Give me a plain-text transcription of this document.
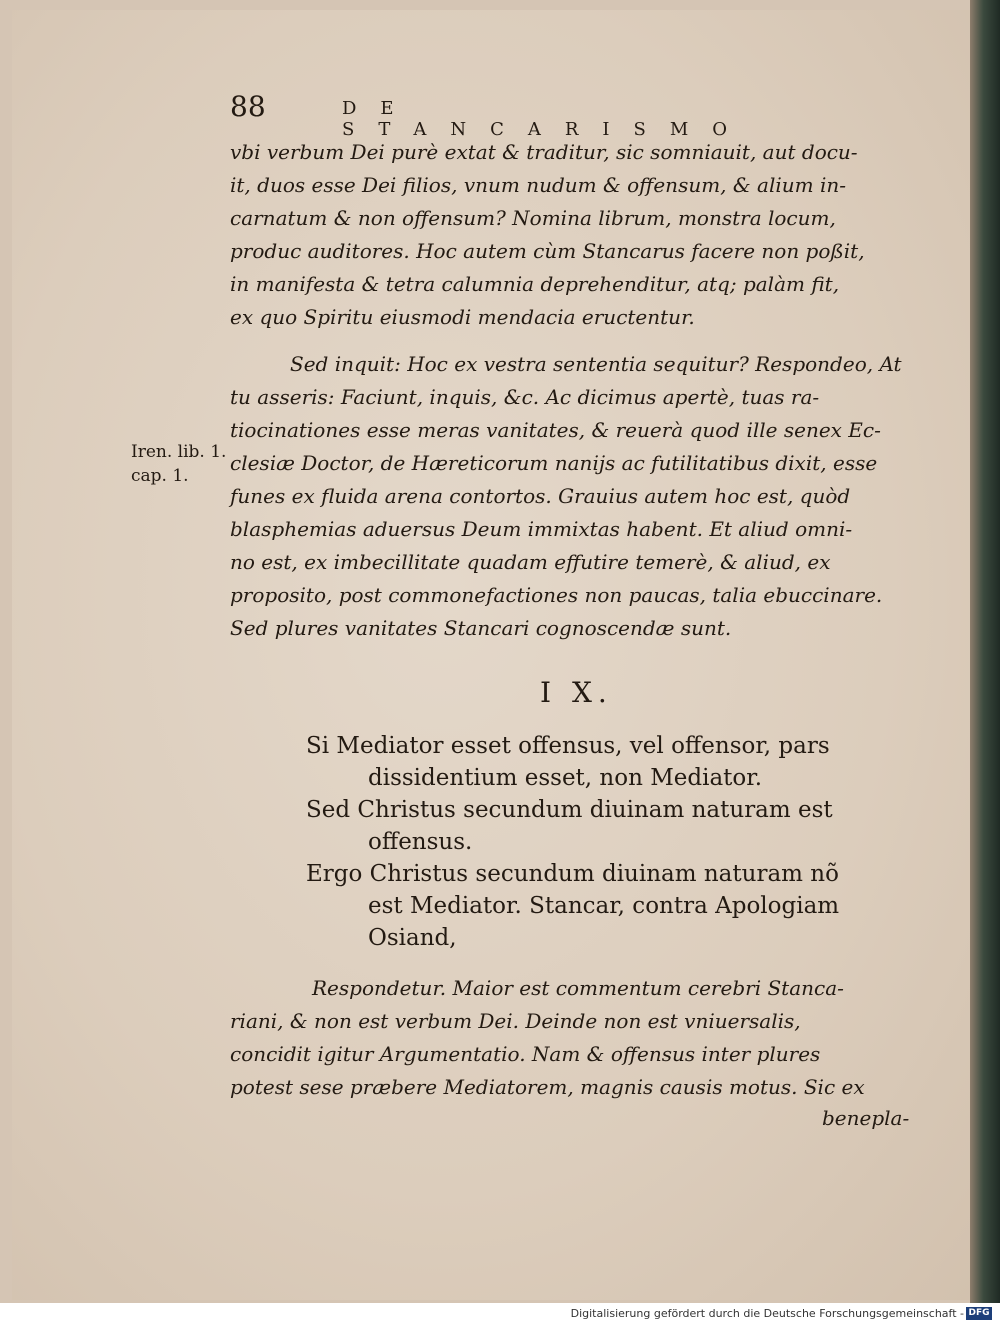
88	DE STANCARISMO
vbi verbum Dei purè extat & traditur, sic somniauit, aut docu-
it, duos esse Dei filios, vnum nudum & offensum, & alium in-
carnatum & non offensum? Nomina librum, monstra locum,
produc auditores. Hoc autem cùm Stancarus facere non poßit,
in manifesta & tetra calumnia deprehenditur, atq; palàm fit,
ex quo Spiritu eiusmodi mendacia eructentur.
Sed inquit: Hoc ex vestra sententia sequitur? Respondeo, At
tu asseris: Faciunt, inquis, &c. Ac dicimus apertè, tuas ra-
tiocinationes esse meras vanitates, & reuerà quod ille senex Ec-
clesiæ Doctor, de Hæreticorum nanijs ac futilitatibus dixit, esse
funes ex fluida arena contortos. Grauius autem hoc est, quòd
blasphemias aduersus Deum immixtas habent. Et aliud omni-
no est, ex imbecillitate quadam effutire temerè, & aliud, ex
proposito, post commonefactiones non paucas, talia ebuccinare.
Sed plures vanitates Stancari cognoscendæ sunt.
Iren. lib. 1.
cap. 1.
I X.
Si Mediator esset offensus, vel offensor, pars
dissidentium esset, non Mediator.
Sed Christus secundum diuinam naturam est
offensus.
Ergo Christus secundum diuinam naturam nõ
est Mediator. Stancar, contra Apologiam
Osiand,
Respondetur. Maior est commentum cerebri Stanca-
riani, & non est verbum Dei. Deinde non est vniuersalis,
concidit igitur Argumentatio. Nam & offensus inter plures
potest sese præbere Mediatorem, magnis causis motus. Sic ex
benepla-
Digitalisierung gefördert durch die Deutsche Forschungsgemeinschaft - DFG
